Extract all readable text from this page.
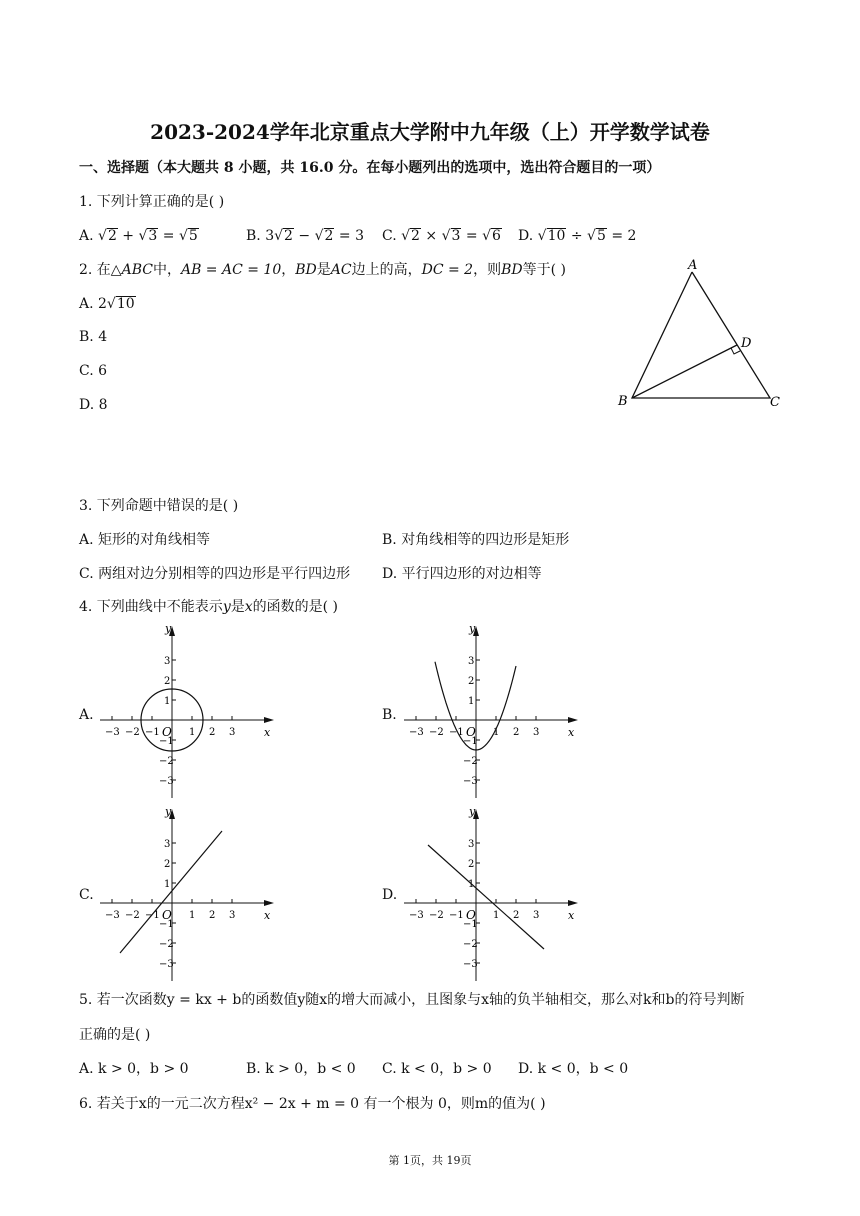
2023-2024学年北京重点大学附中九年级（上）开学数学试卷
一、选择题（本大题共 8 小题，共 16.0 分。在每小题列出的选项中，选出符合题目的一项）
1. 下列计算正确的是( )
A. √2 + √3 = √5	B. 3√2 − √2 = 3 C. √2 × √3 = √6 D. √10 ÷ √5 = 2
2. 在△ABC中，AB = AC = 10，BD是AC边上的高，DC = 2，则BD等于( )
A. 2√10
B. 4
C. 6
D. 8
A
B	C
D
3. 下列命题中错误的是( )
A. 矩形的对角线相等	B. 对角线相等的四边形是矩形
C. 两组对边分别相等的四边形是平行四边形 D. 平行四边形的对边相等
4. 下列曲线中不能表示y是x的函数的是( )
A.	B.
C.	D.
x
y
O
−3
−3
−2
−2
−1
−1
1
1
2
2
3
3
x
y
O
−3
−3
−2
−2
−1
−1
1
1
2
2
3
3
x
y
O
−3
−3
−2
−2
−1
−1
1
1
2
2
3
3
x
y
O
−3
−3
−2
−2
−1
−1
1
1
2
2
3
3
5. 若一次函数y = kx + b的函数值y随x的增大而减小，且图象与x轴的负半轴相交，那么对k和b的符号判断
正确的是( )
A. k > 0，b > 0	B. k > 0，b < 0 C. k < 0，b > 0 D. k < 0，b < 0
6. 若关于x的一元二次方程x² − 2x + m = 0 有一个根为 0，则m的值为( )
第 1页，共 19页
